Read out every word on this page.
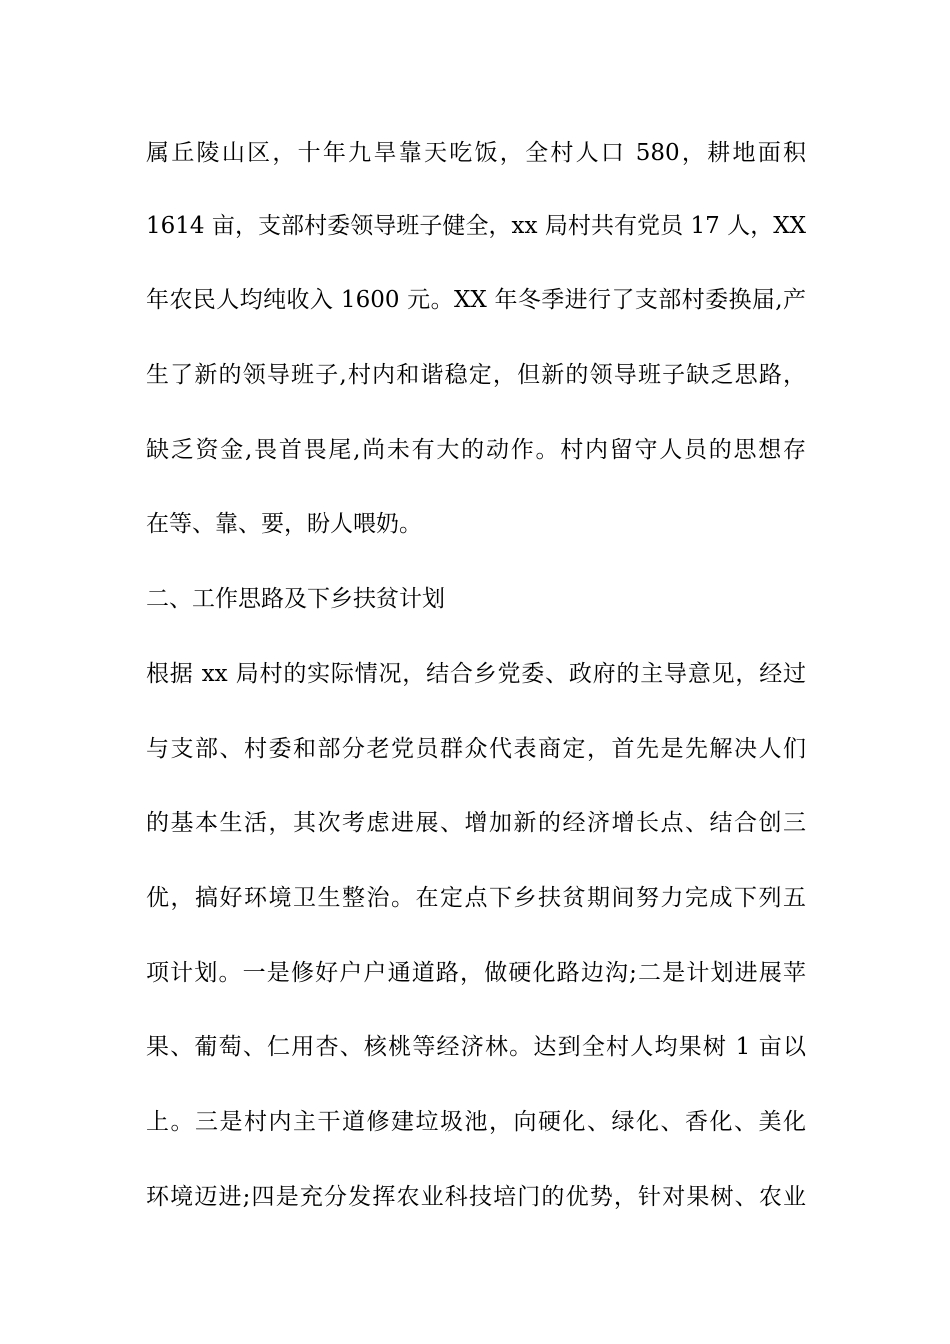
属丘陵山区，十年九旱靠天吃饭，全村人口 580，耕地面积
1614 亩，支部村委领导班子健全，xx 局村共有党员 17 人，XX
年农民人均纯收入 1600 元。XX 年冬季进行了支部村委换届,产
生了新的领导班子,村内和谐稳定，但新的领导班子缺乏思路，
缺乏资金,畏首畏尾,尚未有大的动作。村内留守人员的思想存
在等、靠、要，盼人喂奶。
二、工作思路及下乡扶贫计划
根据 xx 局村的实际情况，结合乡党委、政府的主导意见，经过
与支部、村委和部分老党员群众代表商定，首先是先解决人们
的基本生活，其次考虑进展、增加新的经济增长点、结合创三
优，搞好环境卫生整治。在定点下乡扶贫期间努力完成下列五
项计划。一是修好户户通道路，做硬化路边沟;二是计划进展苹
果、葡萄、仁用杏、核桃等经济林。达到全村人均果树 1 亩以
上。三是村内主干道修建垃圾池，向硬化、绿化、香化、美化
环境迈进;四是充分发挥农业科技培门的优势，针对果树、农业
